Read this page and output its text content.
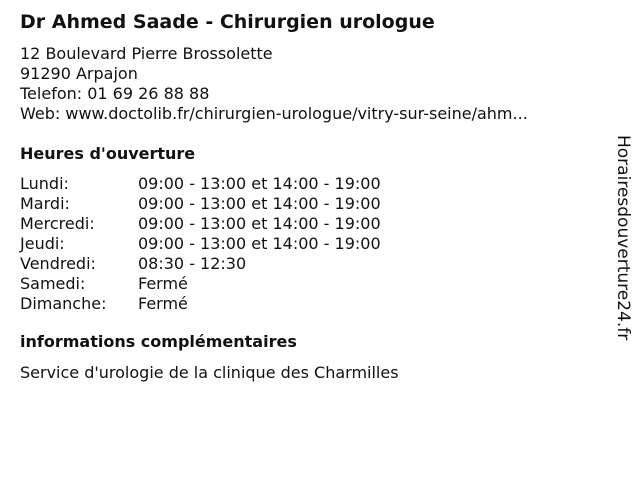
Dr Ahmed Saade - Chirurgien urologue
12 Boulevard Pierre Brossolette
91290 Arpajon
Telefon: 01 69 26 88 88
Web: www.doctolib.fr/chirurgien-urologue/vitry-sur-seine/ahm...
Heures d'ouverture
Lundi:	09:00 - 13:00 et 14:00 - 19:00
Mardi:	09:00 - 13:00 et 14:00 - 19:00
Mercredi:	09:00 - 13:00 et 14:00 - 19:00
Jeudi:	09:00 - 13:00 et 14:00 - 19:00
Vendredi:	08:30 - 12:30
Samedi:	Fermé
Dimanche:	Fermé
informations complémentaires
Service d'urologie de la clinique des Charmilles
Horairesdouverture24.fr
